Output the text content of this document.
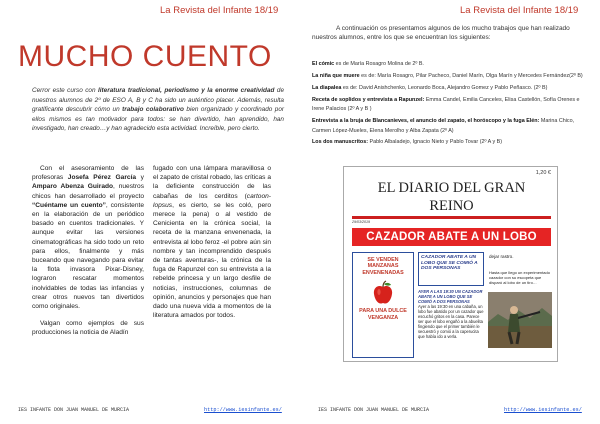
La Revista del Infante 18/19
MUCHO CUENTO
Cerror este curso con literatura tradicional, periodismo y la enorme creatividad de nuestros alumnos de 2º de ESO A, B y C ha sido un auténtico placer. Además, resulta gratificante descubrir cómo un trabajo colaborativo bien organizado y coordinado por ellos mismos es tan motivador para todos: se han divertido, han aprendido, han investigado, han creado…y han agradecido esta actividad. Increíble, pero cierto.

Con el asesoramiento de las profesoras Josefa Pérez García y Amparo Abenza Guirado, nuestros chicos han desarrollado el proyecto “Cuéntame un cuento”, consistente en la elaboración de un periódico basado en cuentos tradicionales. Y aunque evitar las versiones cinematográficas ha sido todo un reto para ellos, finalmente y más buceando que navegando para evitar la flota invasora Pixar-Disney, lograron rescatar momentos inolvidables de todas las infancias y crear otros nuevos tan divertidos como originales.

Valgan como ejemplos de sus producciones la noticia de Aladín

fugado con una lámpara maravillosa o el zapato de cristal robado, las críticas a la deficiente construcción de las cabañas de los cerditos (cartoon-lopsus, es cierto, se les coló, pero merece la pena) o al vestido de Cenicienta en la crónica social, la receta de la manzana envenenada, la entrevista al lobo feroz -el pobre aún sin nombre y tan incomprendido después de tantas aventuras-, la crónica de la fuga de Rapunzel con su entrevista a la rebelde princesa y un largo desfile de noticias, instrucciones, columnas de opinión, anuncios y personajes que han dado una nueva vida a momentos de la literatura amados por todos.

IES INFANTE DON JUAN MANUEL DE MURCIA	http://www.iesinfante.es/
La Revista del Infante 18/19

A continuación os presentamos algunos de los mucho trabajos que han realizado nuestros alumnos, entre los que se encuentran los siguientes:

El cómic es de María Rosagro Molina de 2º B.
La niña que muere es de: María Rosagro, Pilar Pacheco, Daniel Marín, Olga Marín y Mercedes Fernández(2º B)
La diapalea es de: David Anishchenko, Leonardo Boca, Alejandro Gomez y Pablo Peñasco. (2º B)
Receta de soplidos y entrevista a Rapunzel: Emma Candel, Emilia Canceles, Elisa Castellón, Sofía Orenes e Irene Palacios (2º A y B )
Entrevista a la bruja de Blancanieves, el anuncio del zapato, el horóscopo y la fuga Elén: Marina Chico, Carmen López-Mueles, Elena Merolho y Alba Zapata (2º A)
Los dos manuscritos: Pablo Albaladejo, Ignacio Nieto y Pablo Tovar (2º A y B)
1,20 €
EL DIARIO DEL GRAN REINO
29/03/2019
CAZADOR ABATE A UN LOBO
SE VENDEN MANZANAS ENVENENADAS
PARA UNA DULCE VENGANZA
CAZADOR ABATE A UN LOBO QUE SE COMIÓ A DOS PERSONAS
AYER A LAS 19:30 UN CAZADOR ABATE A UN LOBO QUE SE COMIÓ A DOS PERSONAS
Ayer a las 19:30 en una cabaña, un lobo fue abatido por un cazador que escuchó gritos en la casa. Parece ser que el lobo engañó a la abuelita fingiendo que el primer también le secuestró y comió a la caperucita que había ido a verla.
dejar rastro.
Hasta que llego un experimentado cazador con su escopeta que disparó al lobo de un tiro…
IES INFANTE DON JUAN MANUEL DE MURCIA	http://www.iesinfante.es/
